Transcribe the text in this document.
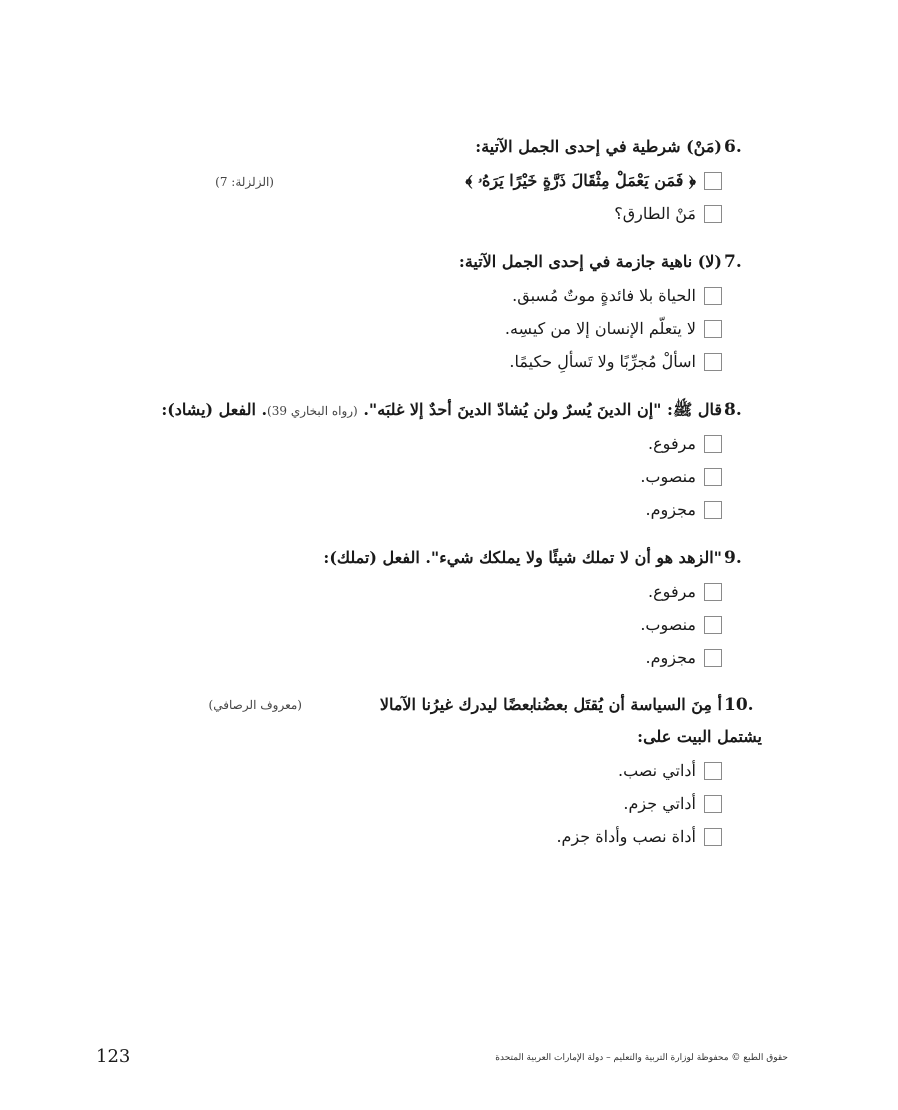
6.
(مَنْ) شرطية في إحدى الجمل الآتية:
(الزلزلة: 7)	﴿ فَمَن يَعْمَلْ مِثْقَالَ ذَرَّةٍ خَيْرًا يَرَهُۥ ﴾
مَنْ الطارق؟
7.
(لا) ناهية جازمة في إحدى الجمل الآتية:
الحياة بلا فائدةٍ موتٌ مُسبق.
لا يتعلّم الإنسان إلا من كيسِه.
اسألْ مُجرِّبًا ولا تَسألِ حكيمًا.
8.
قال ﷺ: "إن الدينَ يُسرٌ ولن يُشادّ الدينَ أحدٌ إلا غلبَه". (رواه البخاري 39). الفعل (يشاد):
مرفوع.
منصوب.
مجزوم.
9.
"الزهد هو أن لا تملك شيئًا ولا يملكك شيء". الفعل (تملك):
مرفوع.
منصوب.
مجزوم.
10.
أ مِنَ السياسة أن يُقتَل بعضُنا
بعضًا ليدرك غيرُنا الآمالا
(معروف الرصافي)
يشتمل البيت على:
أداتي نصب.
أداتي جزم.
أداة نصب وأداة جزم.
123	حقوق الطبع © محفوظة لوزارة التربية والتعليم – دولة الإمارات العربية المتحدة
